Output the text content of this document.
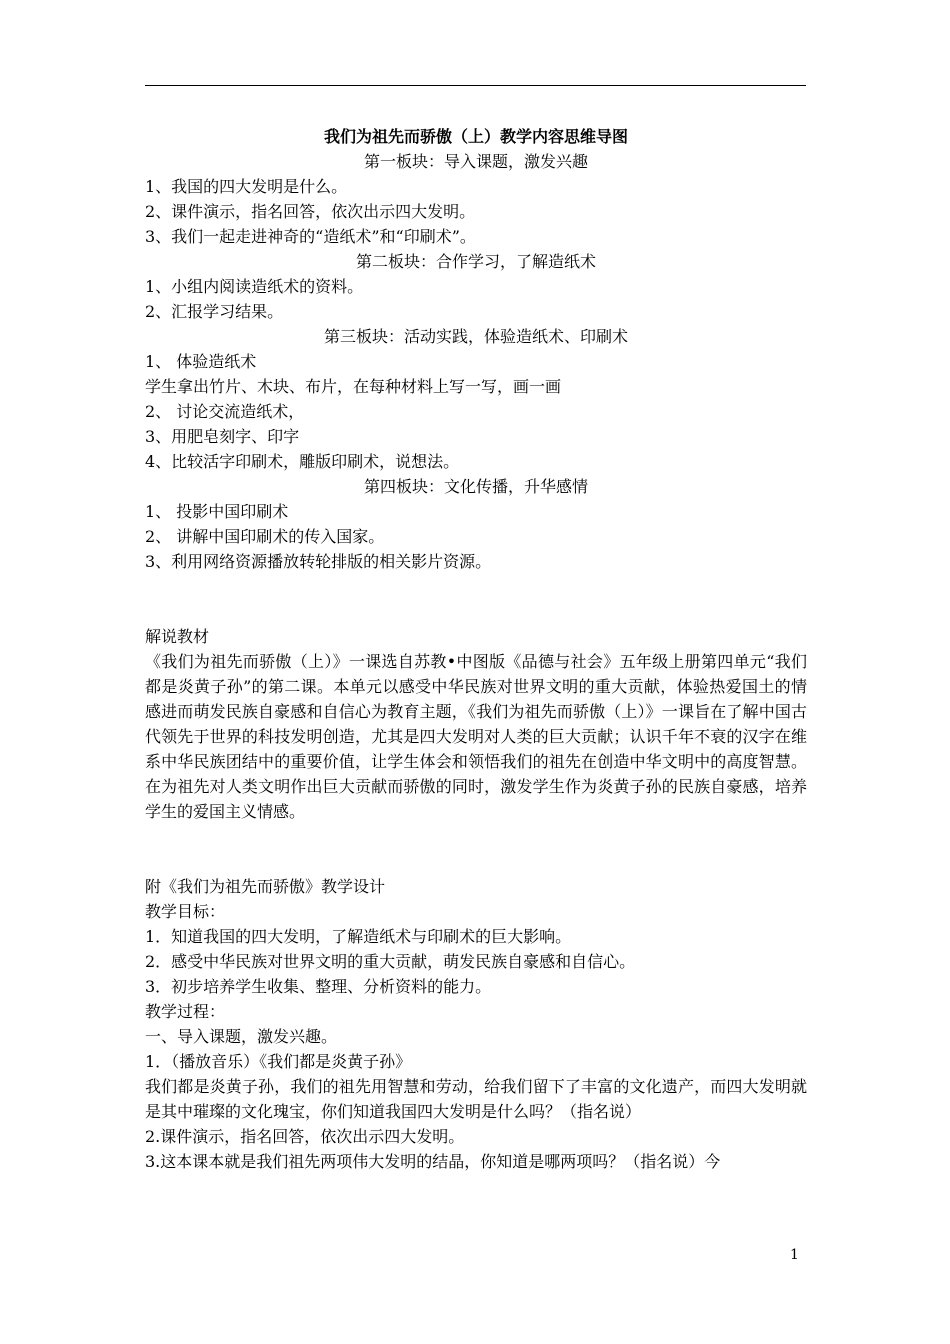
我们为祖先而骄傲（上）教学内容思维导图
第一板块：导入课题，激发兴趣
1、我国的四大发明是什么。
2、课件演示，指名回答，依次出示四大发明。
3、我们一起走进神奇的“造纸术”和“印刷术”。
第二板块：合作学习，了解造纸术
1、小组内阅读造纸术的资料。
2、汇报学习结果。
第三板块：活动实践，体验造纸术、印刷术
1、 体验造纸术
学生拿出竹片、木块、布片，在每种材料上写一写，画一画
2、 讨论交流造纸术，
3、用肥皂刻字、印字
4、比较活字印刷术，雕版印刷术，说想法。
第四板块：文化传播，升华感情
1、 投影中国印刷术
2、 讲解中国印刷术的传入国家。
3、利用网络资源播放转轮排版的相关影片资源。
解说教材
《我们为祖先而骄傲（上）》一课选自苏教•中图版《品德与社会》五年级上册第四单元“我们都是炎黄子孙”的第二课。本单元以感受中华民族对世界文明的重大贡献，体验热爱国土的情感进而萌发民族自豪感和自信心为教育主题，《我们为祖先而骄傲（上）》一课旨在了解中国古代领先于世界的科技发明创造，尤其是四大发明对人类的巨大贡献；认识千年不衰的汉字在维系中华民族团结中的重要价值，让学生体会和领悟我们的祖先在创造中华文明中的高度智慧。在为祖先对人类文明作出巨大贡献而骄傲的同时，激发学生作为炎黄子孙的民族自豪感，培养学生的爱国主义情感。
附《我们为祖先而骄傲》教学设计
教学目标：
1．知道我国的四大发明，了解造纸术与印刷术的巨大影响。
2．感受中华民族对世界文明的重大贡献，萌发民族自豪感和自信心。
3．初步培养学生收集、整理、分析资料的能力。
教学过程：
一、导入课题，激发兴趣。
1．（播放音乐）《我们都是炎黄子孙》
我们都是炎黄子孙，我们的祖先用智慧和劳动，给我们留下了丰富的文化遗产，而四大发明就是其中璀璨的文化瑰宝，你们知道我国四大发明是什么吗？（指名说）
2.课件演示，指名回答，依次出示四大发明。
3.这本课本就是我们祖先两项伟大发明的结晶，你知道是哪两项吗？（指名说）今
1
